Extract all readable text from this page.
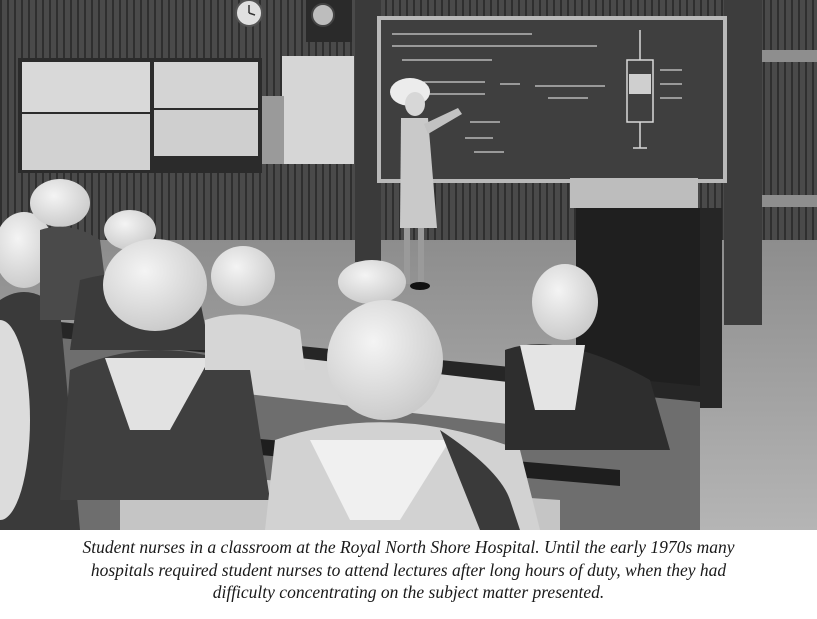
Student nurses in a classroom at the Royal North Shore Hospital. Until the early 1970s many
hospitals required student nurses to attend lectures after long hours of duty, when they had
difficulty concentrating on the subject matter presented.
